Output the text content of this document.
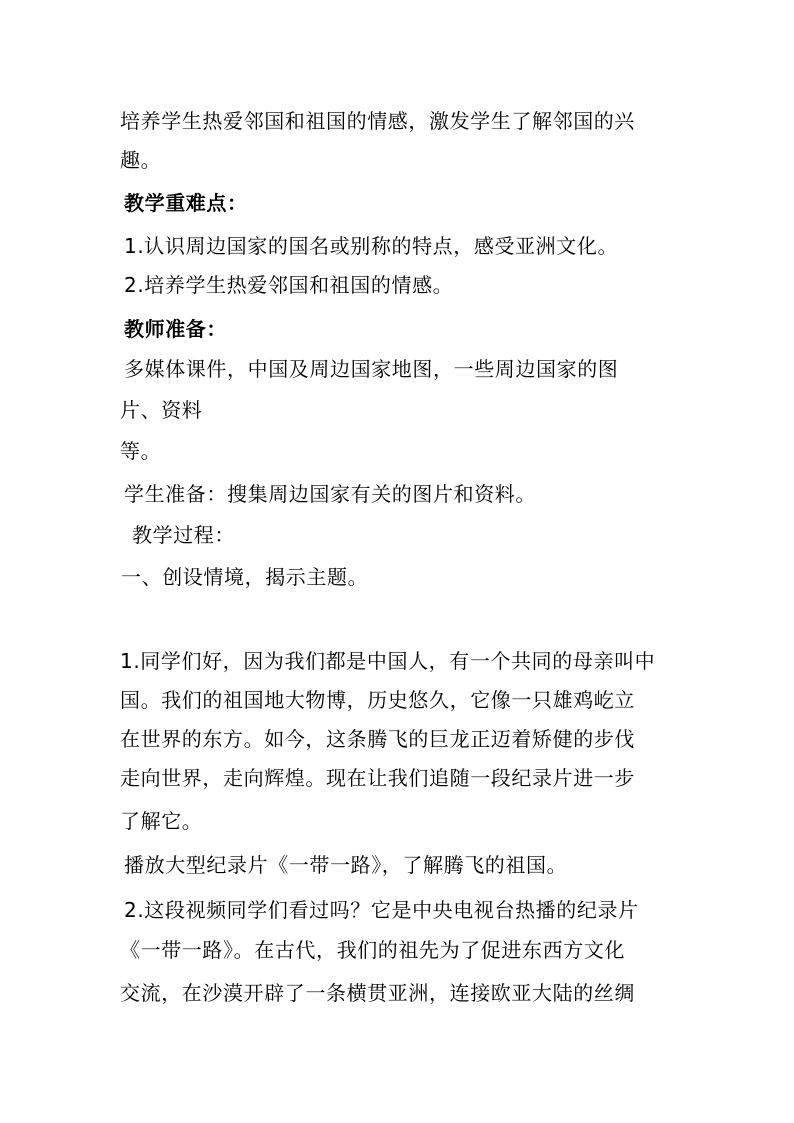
培养学生热爱邻国和祖国的情感，激发学生了解邻国的兴
趣。
教学重难点：
1.认识周边国家的国名或别称的特点，感受亚洲文化。
2.培养学生热爱邻国和祖国的情感。
教师准备：
多媒体课件，中国及周边国家地图，一些周边国家的图
片、资料
等。
学生准备：搜集周边国家有关的图片和资料。
教学过程：
一、创设情境，揭示主题。
1.同学们好，因为我们都是中国人，有一个共同的母亲叫中
国。我们的祖国地大物博，历史悠久，它像一只雄鸡屹立
在世界的东方。如今，这条腾飞的巨龙正迈着矫健的步伐
走向世界，走向辉煌。现在让我们追随一段纪录片进一步
了解它。
播放大型纪录片《一带一路》，了解腾飞的祖国。
2.这段视频同学们看过吗？它是中央电视台热播的纪录片
《一带一路》。在古代，我们的祖先为了促进东西方文化
交流，在沙漠开辟了一条横贯亚洲，连接欧亚大陆的丝绸
